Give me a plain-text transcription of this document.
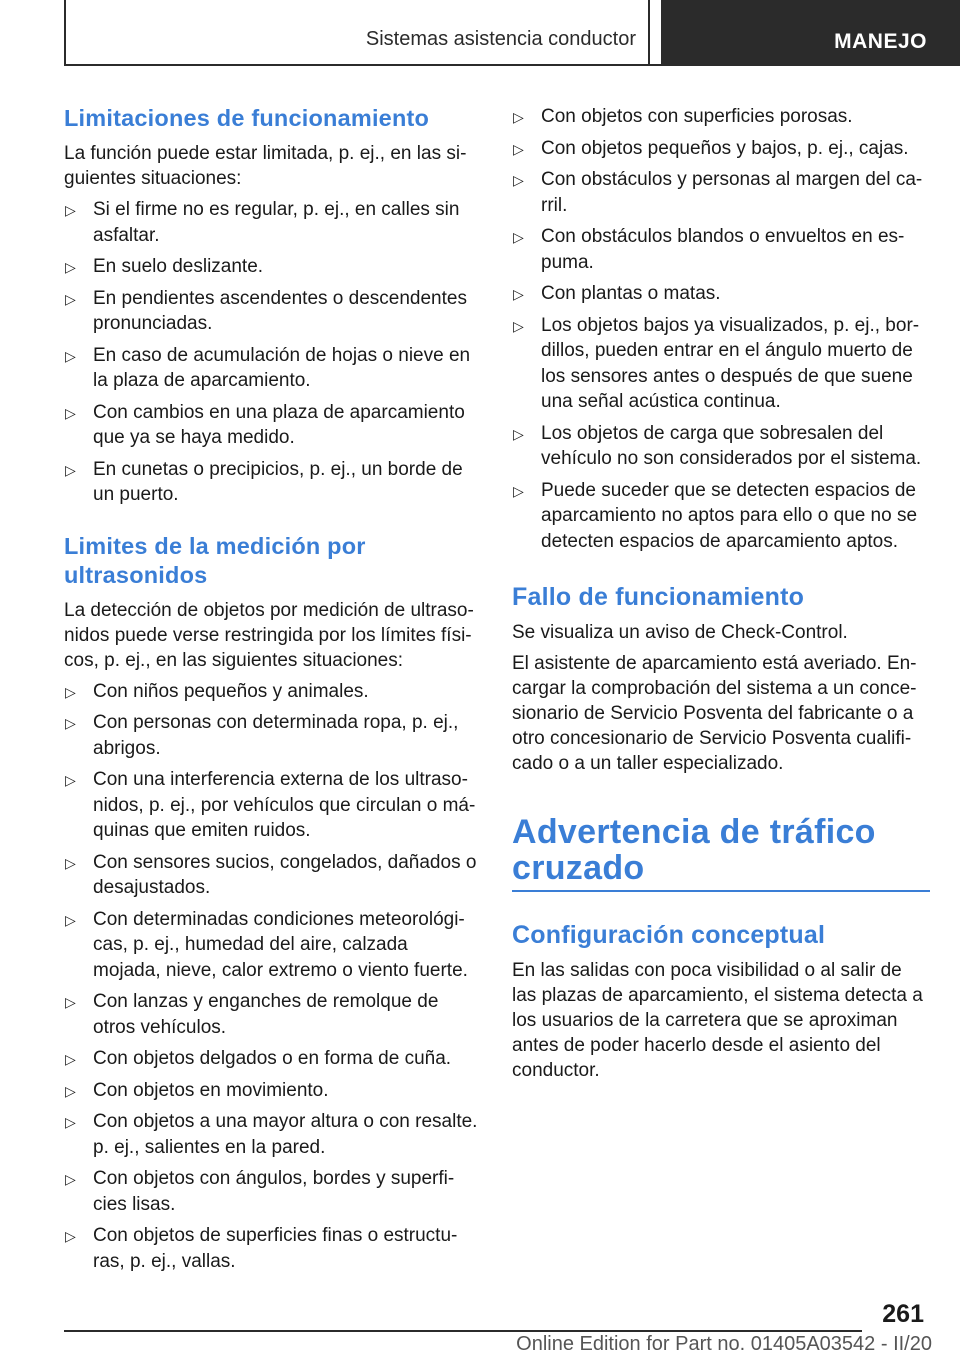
Sistemas asistencia conductor	MANEJO
Limitaciones de funcionamiento

La función puede estar limitada, p. ej., en las si-guientes situaciones:

▷ Si el firme no es regular, p. ej., en calles sin asfaltar.
▷ En suelo deslizante.
▷ En pendientes ascendentes o descendentes pronunciadas.
▷ En caso de acumulación de hojas o nieve en la plaza de aparcamiento.
▷ Con cambios en una plaza de aparcamiento que ya se haya medido.
▷ En cunetas o precipicios, p. ej., un borde de un puerto.
Limites de la medición por ultrasonidos

La detección de objetos por medición de ultraso-nidos puede verse restringida por los límites físi-cos, p. ej., en las siguientes situaciones:

▷ Con niños pequeños y animales.
▷ Con personas con determinada ropa, p. ej., abrigos.
▷ Con una interferencia externa de los ultraso-nidos, p. ej., por vehículos que circulan o má-quinas que emiten ruidos.
▷ Con sensores sucios, congelados, dañados o desajustados.
▷ Con determinadas condiciones meteorológi-cas, p. ej., humedad del aire, calzada mojada, nieve, calor extremo o viento fuerte.
▷ Con lanzas y enganches de remolque de otros vehículos.
▷ Con objetos delgados o en forma de cuña.
▷ Con objetos en movimiento.
▷ Con objetos a una mayor altura o con resalte. p. ej., salientes en la pared.
▷ Con objetos con ángulos, bordes y superfi-cies lisas.
▷ Con objetos de superficies finas o estructu-ras, p. ej., vallas.
▷ Con objetos con superficies porosas.
▷ Con objetos pequeños y bajos, p. ej., cajas.
▷ Con obstáculos y personas al margen del ca-rril.
▷ Con obstáculos blandos o envueltos en es-puma.
▷ Con plantas o matas.
▷ Los objetos bajos ya visualizados, p. ej., bor-dillos, pueden entrar en el ángulo muerto de los sensores antes o después de que suene una señal acústica continua.
▷ Los objetos de carga que sobresalen del vehículo no son considerados por el sistema.
▷ Puede suceder que se detecten espacios de aparcamiento no aptos para ello o que no se detecten espacios de aparcamiento aptos.
Fallo de funcionamiento

Se visualiza un aviso de Check-Control.

El asistente de aparcamiento está averiado. En-cargar la comprobación del sistema a un conce-sionario de Servicio Posventa del fabricante o a otro concesionario de Servicio Posventa cualifi-cado o a un taller especializado.

Advertencia de tráfico cruzado
Configuración conceptual

En las salidas con poca visibilidad o al salir de las plazas de aparcamiento, el sistema detecta a los usuarios de la carretera que se aproximan antes de poder hacerlo desde el asiento del conductor.

261
Online Edition for Part no. 01405A03542 - II/20
